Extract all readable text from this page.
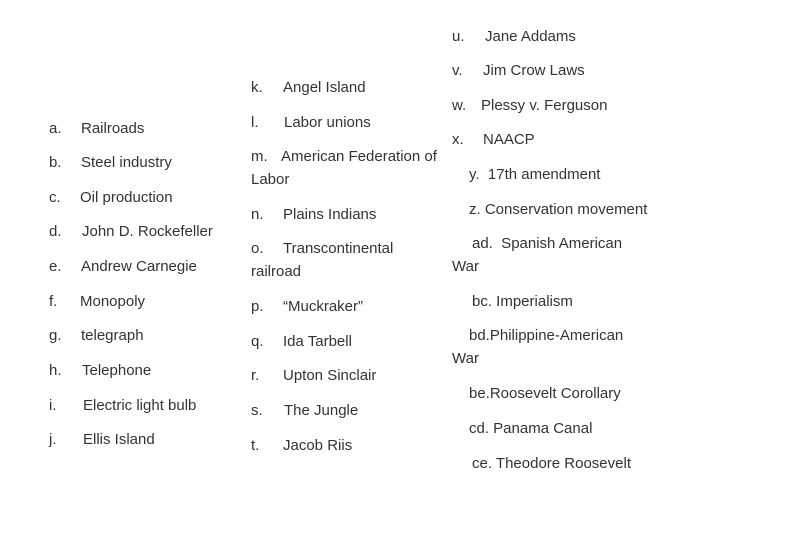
a. Railroads
b. Steel industry
c. Oil production
d. John D. Rockefeller
e. Andrew Carnegie
f. Monopoly
g. telegraph
h. Telephone
i. Electric light bulb
j. Ellis Island
k. Angel Island
l. Labor unions
m. American Federation of
Labor
n. Plains Indians
o. Transcontinental
railroad
p. “Muckraker”
q. Ida Tarbell
r. Upton Sinclair
s. The Jungle
t. Jacob Riis
u. Jane Addams
v. Jim Crow Laws
w. Plessy v. Ferguson
x. NAACP
y.  17th amendment
z. Conservation movement
ad.  Spanish American
War
bc. Imperialism
bd.Philippine-American
War
be.Roosevelt Corollary
cd. Panama Canal
ce. Theodore Roosevelt
